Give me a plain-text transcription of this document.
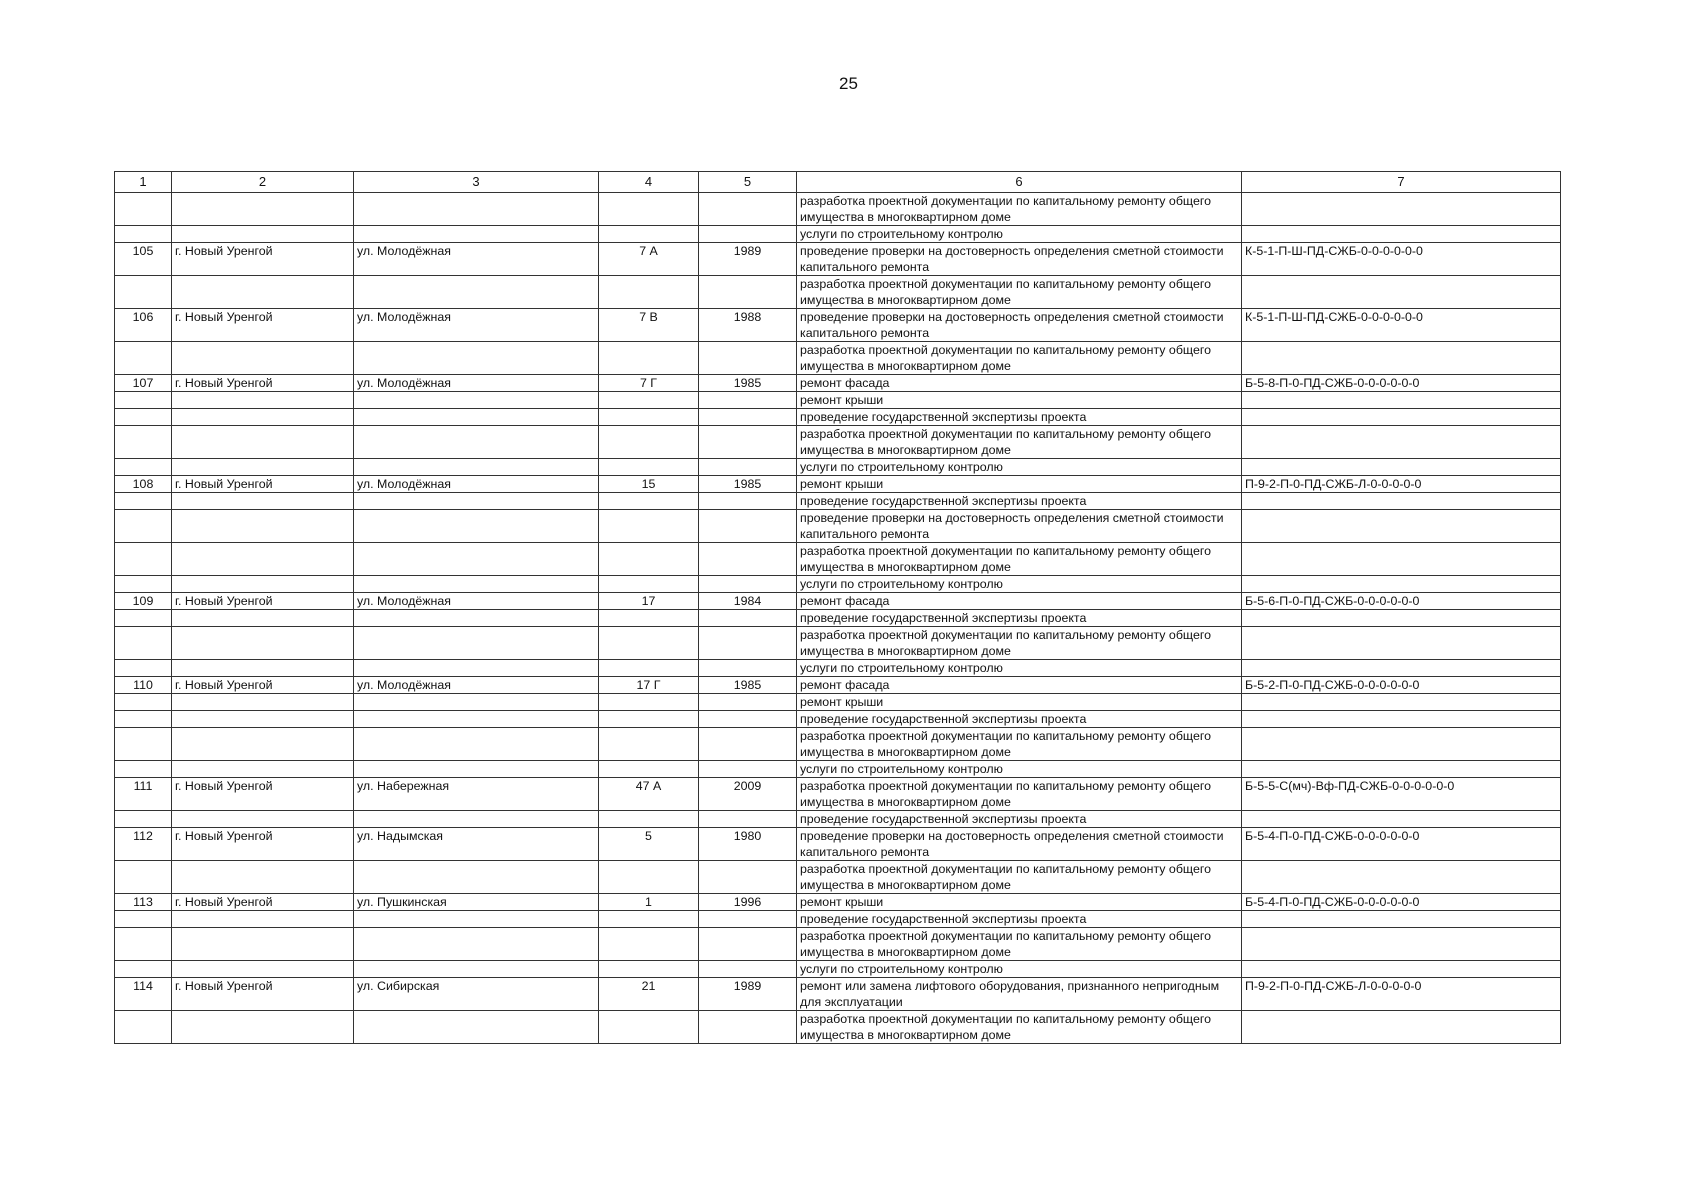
25
1	2	3	4	5	6	7
					разработка проектной документации по капитальному ремонту общего имущества в многоквартирном доме	
					услуги по строительному контролю	
105	г. Новый Уренгой	ул. Молодёжная	7 А	1989	проведение проверки на достоверность определения сметной стоимости капитального ремонта	К-5-1-П-Ш-ПД-СЖБ-0-0-0-0-0-0
					разработка проектной документации по капитальному ремонту общего имущества в многоквартирном доме	
106	г. Новый Уренгой	ул. Молодёжная	7 В	1988	проведение проверки на достоверность определения сметной стоимости капитального ремонта	К-5-1-П-Ш-ПД-СЖБ-0-0-0-0-0-0
					разработка проектной документации по капитальному ремонту общего имущества в многоквартирном доме	
107	г. Новый Уренгой	ул. Молодёжная	7 Г	1985	ремонт фасада	Б-5-8-П-0-ПД-СЖБ-0-0-0-0-0-0
					ремонт крыши	
					проведение государственной экспертизы проекта	
					разработка проектной документации по капитальному ремонту общего имущества в многоквартирном доме	
					услуги по строительному контролю	
108	г. Новый Уренгой	ул. Молодёжная	15	1985	ремонт крыши	П-9-2-П-0-ПД-СЖБ-Л-0-0-0-0-0
					проведение государственной экспертизы проекта	
					проведение проверки на достоверность определения сметной стоимости капитального ремонта	
					разработка проектной документации по капитальному ремонту общего имущества в многоквартирном доме	
					услуги по строительному контролю	
109	г. Новый Уренгой	ул. Молодёжная	17	1984	ремонт фасада	Б-5-6-П-0-ПД-СЖБ-0-0-0-0-0-0
					проведение государственной экспертизы проекта	
					разработка проектной документации по капитальному ремонту общего имущества в многоквартирном доме	
					услуги по строительному контролю	
110	г. Новый Уренгой	ул. Молодёжная	17 Г	1985	ремонт фасада	Б-5-2-П-0-ПД-СЖБ-0-0-0-0-0-0
					ремонт крыши	
					проведение государственной экспертизы проекта	
					разработка проектной документации по капитальному ремонту общего имущества в многоквартирном доме	
					услуги по строительному контролю	
111	г. Новый Уренгой	ул. Набережная	47 А	2009	разработка проектной документации по капитальному ремонту общего имущества в многоквартирном доме	Б-5-5-С(мч)-Вф-ПД-СЖБ-0-0-0-0-0-0
					проведение государственной экспертизы проекта	
112	г. Новый Уренгой	ул. Надымская	5	1980	проведение проверки на достоверность определения сметной стоимости капитального ремонта	Б-5-4-П-0-ПД-СЖБ-0-0-0-0-0-0
					разработка проектной документации по капитальному ремонту общего имущества в многоквартирном доме	
113	г. Новый Уренгой	ул. Пушкинская	1	1996	ремонт крыши	Б-5-4-П-0-ПД-СЖБ-0-0-0-0-0-0
					проведение государственной экспертизы проекта	
					разработка проектной документации по капитальному ремонту общего имущества в многоквартирном доме	
					услуги по строительному контролю	
114	г. Новый Уренгой	ул. Сибирская	21	1989	ремонт или замена лифтового оборудования, признанного непригодным для эксплуатации	П-9-2-П-0-ПД-СЖБ-Л-0-0-0-0-0
					разработка проектной документации по капитальному ремонту общего имущества в многоквартирном доме	
